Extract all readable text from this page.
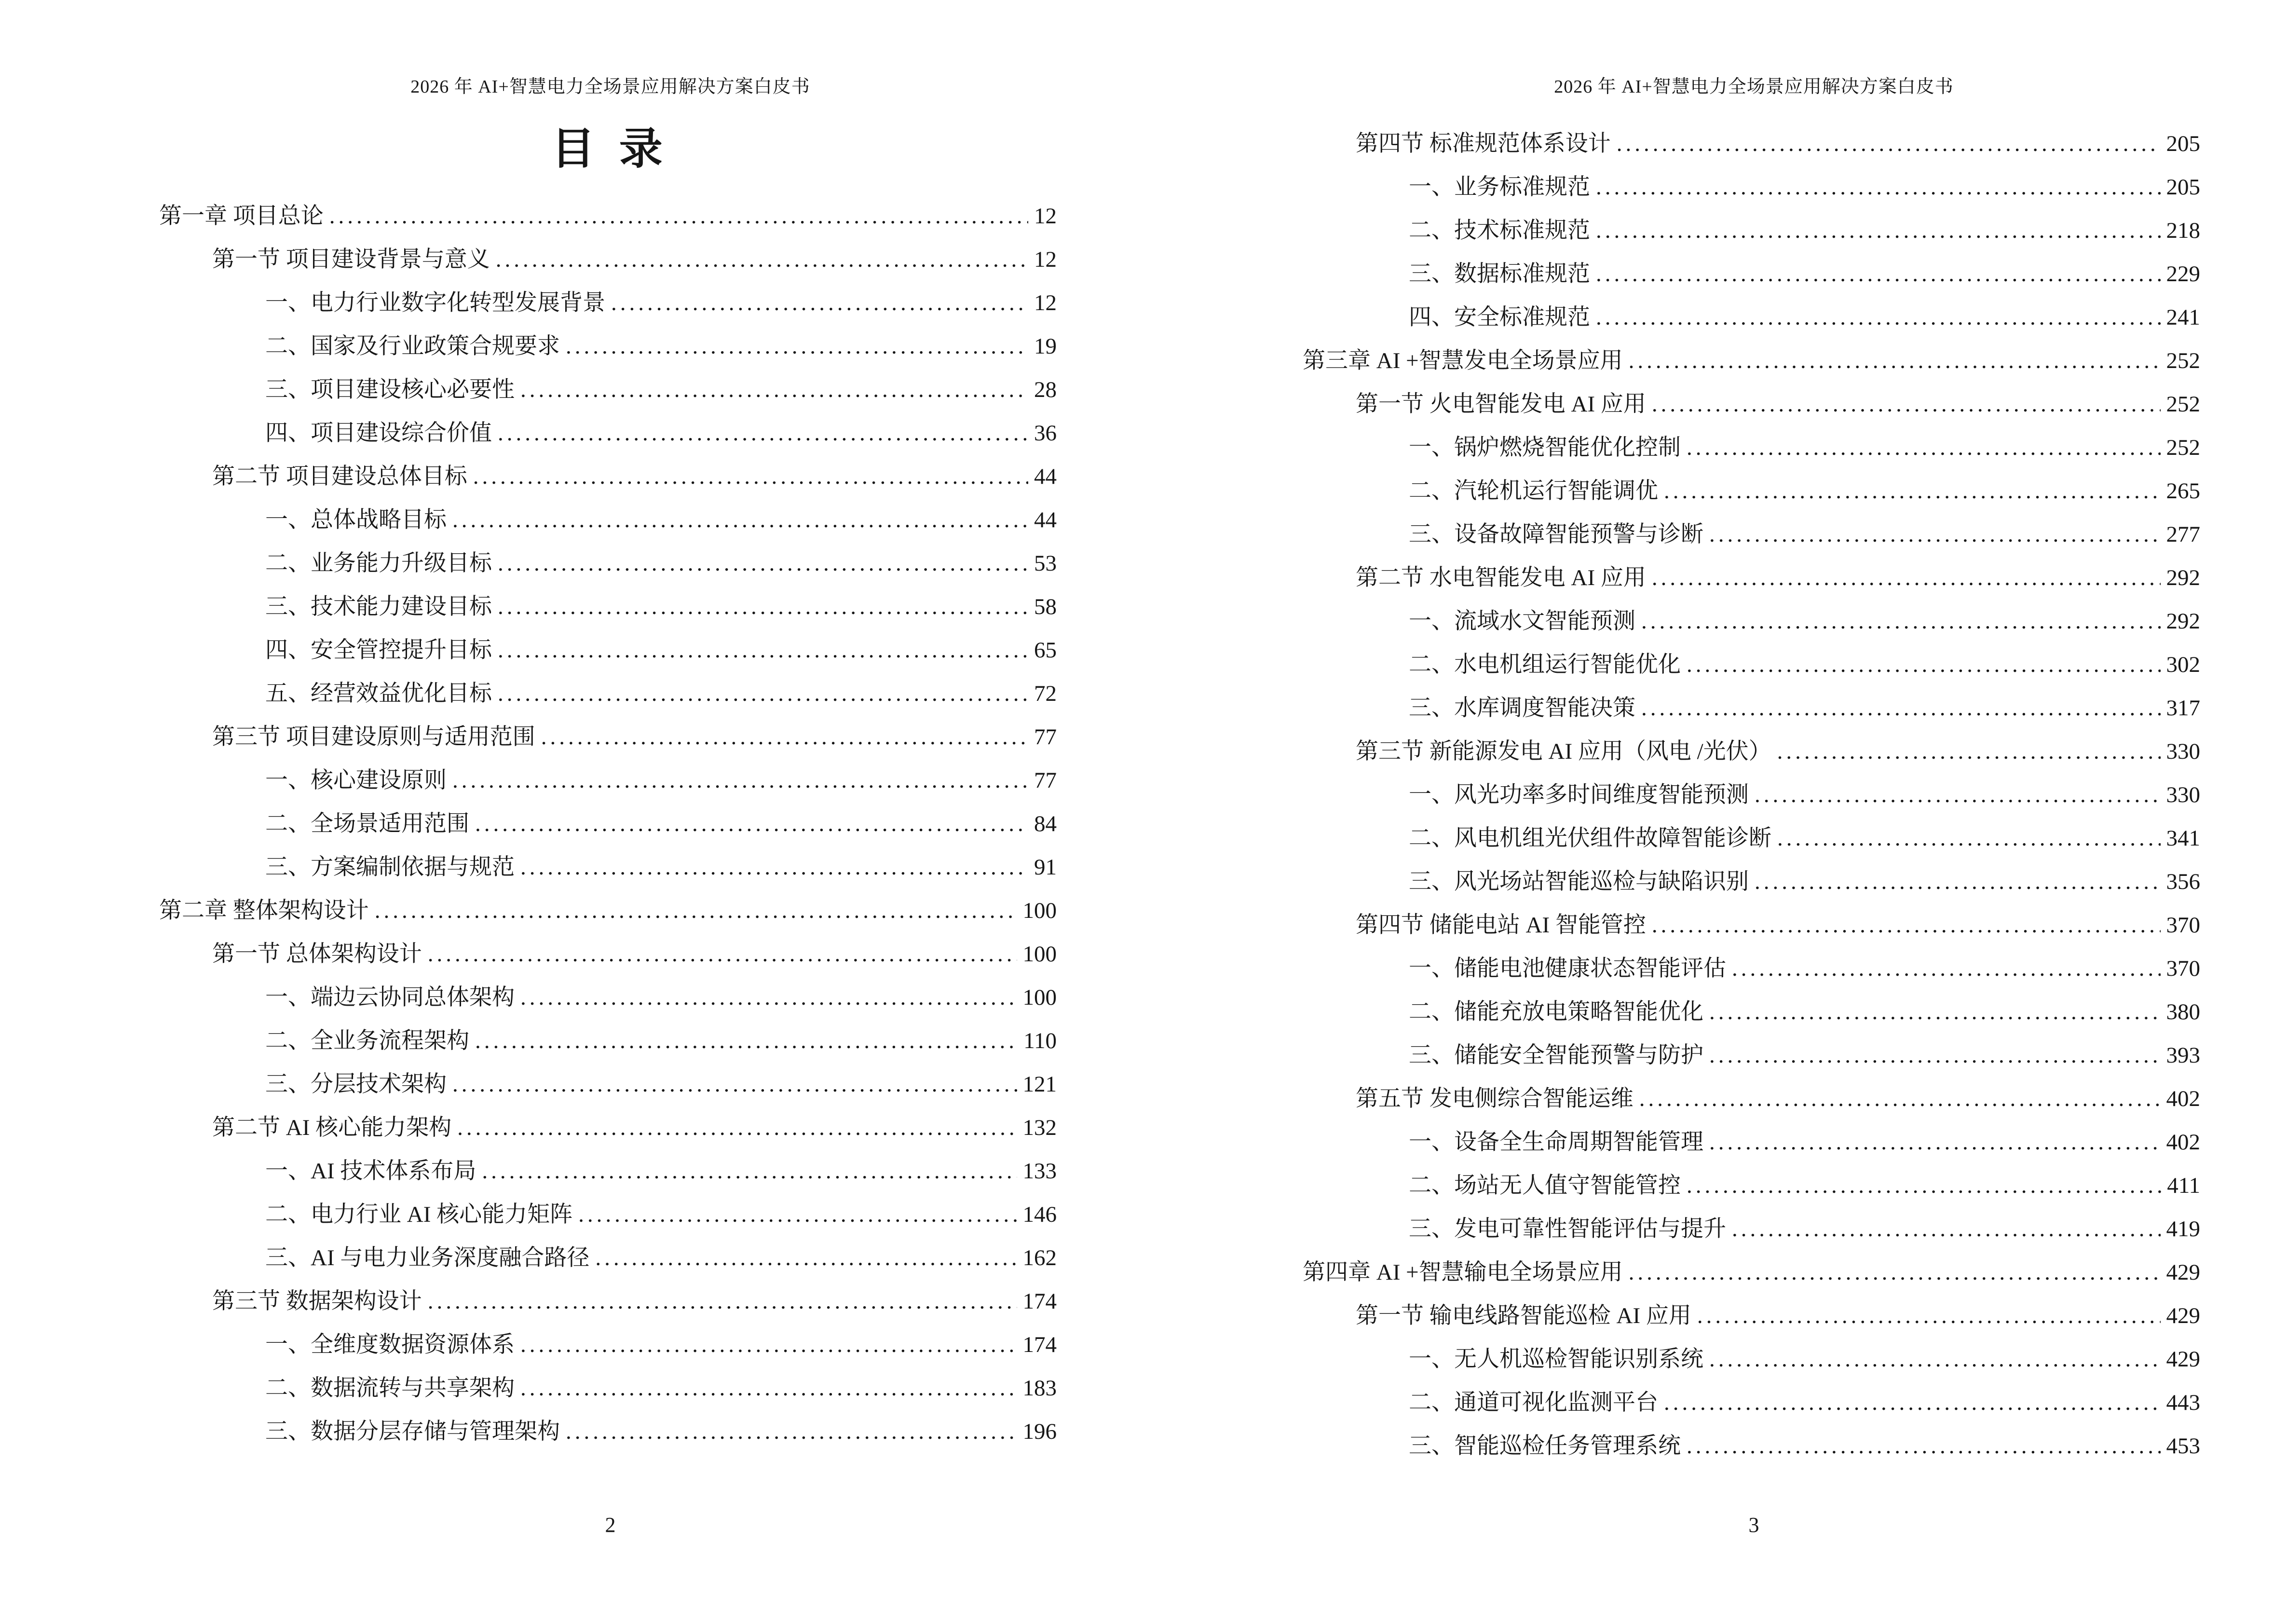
2026 年 AI+智慧电力全场景应用解决方案白皮书
目 录
第一章 项目总论 .....	12
第一节 项目建设背景与意义 .....	12
一、电力行业数字化转型发展背景 .....	12
二、国家及行业政策合规要求 .....	19
三、项目建设核心必要性 .....	28
四、项目建设综合价值 .....	36
第二节 项目建设总体目标 .....	44
一、总体战略目标 .....	44
二、业务能力升级目标 .....	53
三、技术能力建设目标 .....	58
四、安全管控提升目标 .....	65
五、经营效益优化目标 .....	72
第三节 项目建设原则与适用范围 .....	77
一、核心建设原则 .....	77
二、全场景适用范围 .....	84
三、方案编制依据与规范 .....	91
第二章 整体架构设计 .....	100
第一节 总体架构设计 .....	100
一、端边云协同总体架构 .....	100
二、全业务流程架构 .....	110
三、分层技术架构 .....	121
第二节 AI 核心能力架构 .....	132
一、AI 技术体系布局 .....	133
二、电力行业 AI 核心能力矩阵 .....	146
三、AI 与电力业务深度融合路径 .....	162
第三节 数据架构设计 .....	174
一、全维度数据资源体系 .....	174
二、数据流转与共享架构 .....	183
三、数据分层存储与管理架构 .....	196
2
2026 年 AI+智慧电力全场景应用解决方案白皮书
第四节 标准规范体系设计 .....	205
一、业务标准规范 .....	205
二、技术标准规范 .....	218
三、数据标准规范 .....	229
四、安全标准规范 .....	241
第三章 AI +智慧发电全场景应用 .....	252
第一节 火电智能发电 AI 应用 .....	252
一、锅炉燃烧智能优化控制 .....	252
二、汽轮机运行智能调优 .....	265
三、设备故障智能预警与诊断 .....	277
第二节 水电智能发电 AI 应用 .....	292
一、流域水文智能预测 .....	292
二、水电机组运行智能优化 .....	302
三、水库调度智能决策 .....	317
第三节 新能源发电 AI 应用（风电 /光伏） .....	330
一、风光功率多时间维度智能预测 .....	330
二、风电机组光伏组件故障智能诊断 .....	341
三、风光场站智能巡检与缺陷识别 .....	356
第四节 储能电站 AI 智能管控 .....	370
一、储能电池健康状态智能评估 .....	370
二、储能充放电策略智能优化 .....	380
三、储能安全智能预警与防护 .....	393
第五节 发电侧综合智能运维 .....	402
一、设备全生命周期智能管理 .....	402
二、场站无人值守智能管控 .....	411
三、发电可靠性智能评估与提升 .....	419
第四章 AI +智慧输电全场景应用 .....	429
第一节 输电线路智能巡检 AI 应用 .....	429
一、无人机巡检智能识别系统 .....	429
二、通道可视化监测平台 .....	443
三、智能巡检任务管理系统 .....	453
3
